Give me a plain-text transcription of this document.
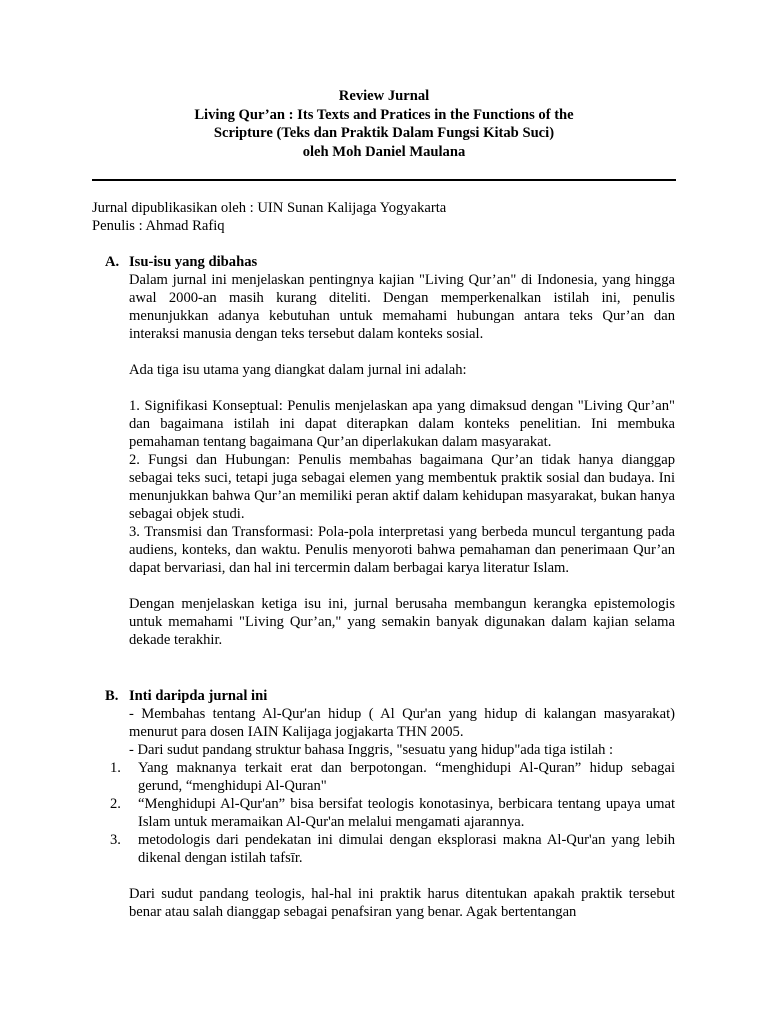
Review Jurnal
Living Qur’an : Its Texts and Pratices in the Functions of the
Scripture (Teks dan Praktik Dalam Fungsi Kitab Suci)
oleh Moh Daniel Maulana
Jurnal dipublikasikan oleh : UIN Sunan Kalijaga Yogyakarta
Penulis : Ahmad Rafiq
A. Isu-isu yang dibahas

Dalam jurnal ini menjelaskan pentingnya kajian "Living Qur’an" di Indonesia, yang hingga awal 2000-an masih kurang diteliti. Dengan memperkenalkan istilah ini, penulis menunjukkan adanya kebutuhan untuk memahami hubungan antara teks Qur’an dan interaksi manusia dengan teks tersebut dalam konteks sosial.

Ada tiga isu utama yang diangkat dalam jurnal ini adalah:

1. Signifikasi Konseptual: Penulis menjelaskan apa yang dimaksud dengan "Living Qur’an" dan bagaimana istilah ini dapat diterapkan dalam konteks penelitian. Ini membuka pemahaman tentang bagaimana Qur’an diperlakukan dalam masyarakat.

2. Fungsi dan Hubungan: Penulis membahas bagaimana Qur’an tidak hanya dianggap sebagai teks suci, tetapi juga sebagai elemen yang membentuk praktik sosial dan budaya. Ini menunjukkan bahwa Qur’an memiliki peran aktif dalam kehidupan masyarakat, bukan hanya sebagai objek studi.

3. Transmisi dan Transformasi: Pola-pola interpretasi yang berbeda muncul tergantung pada audiens, konteks, dan waktu. Penulis menyoroti bahwa pemahaman dan penerimaan Qur’an dapat bervariasi, dan hal ini tercermin dalam berbagai karya literatur Islam.

Dengan menjelaskan ketiga isu ini, jurnal berusaha membangun kerangka epistemologis untuk memahami "Living Qur’an," yang semakin banyak digunakan dalam kajian selama dekade terakhir.

B. Inti daripda jurnal ini

- Membahas tentang Al-Qur'an hidup ( Al Qur'an yang hidup di kalangan masyarakat) menurut para dosen IAIN Kalijaga jogjakarta THN 2005.

- Dari sudut pandang struktur bahasa Inggris, "sesuatu yang hidup"ada tiga istilah :

1.	Yang maknanya terkait erat dan berpotongan. “menghidupi Al-Quran” hidup sebagai gerund, “menghidupi Al-Quran"
2.	“Menghidupi Al-Qur'an” bisa bersifat teologis konotasinya, berbicara tentang upaya umat Islam untuk meramaikan Al-Qur'an melalui mengamati ajarannya.
3.	metodologis dari pendekatan ini dimulai dengan eksplorasi makna Al-Qur'an yang lebih dikenal dengan istilah tafsīr.

Dari sudut pandang teologis, hal-hal ini praktik harus ditentukan apakah praktik tersebut benar atau salah dianggap sebagai penafsiran yang benar. Agak bertentangan
